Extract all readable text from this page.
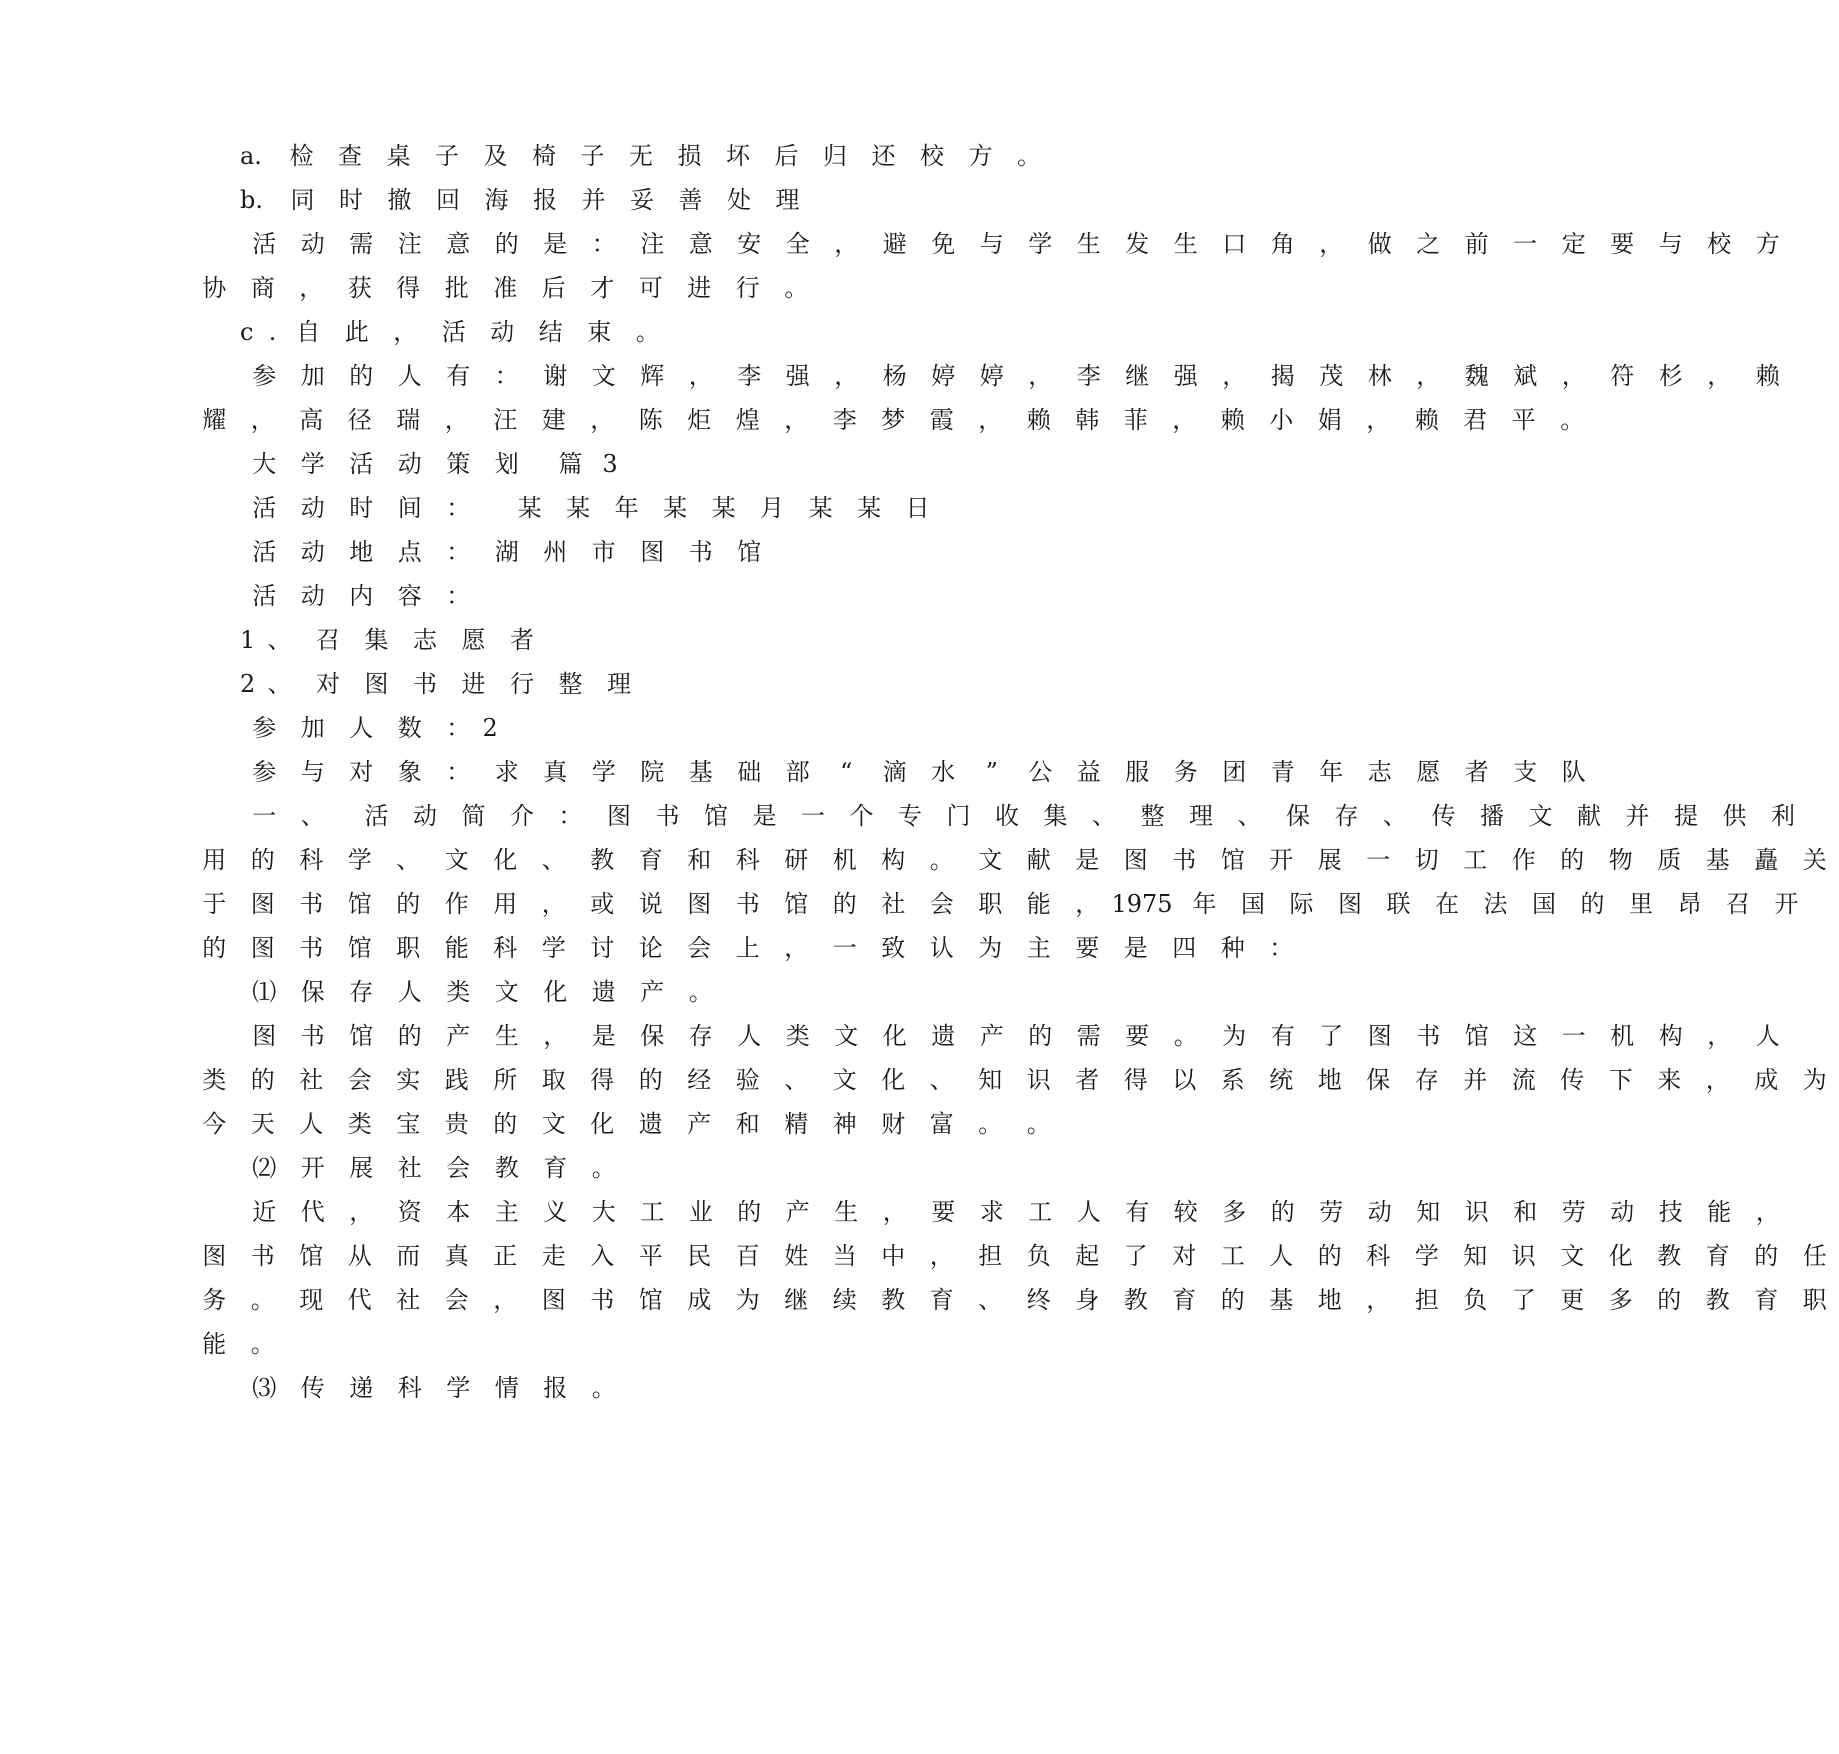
a.  检 查 桌 子 及 椅 子 无 损 坏 后 归 还 校 方 。
b.  同 时 撤 回 海 报 并 妥 善 处 理
活 动 需 注 意 的 是 ： 注 意 安 全 ， 避 免 与 学 生 发 生 口 角 ， 做 之 前 一 定 要 与 校 方
协 商 ， 获 得 批 准 后 才 可 进 行 。
c  . 自 此 ， 活 动 结 束 。
参 加 的 人 有 ： 谢 文 辉 ， 李 强 ， 杨 婷 婷 ， 李 继 强 ， 揭 茂 林 ， 魏 斌 ， 符 杉 ， 赖
耀 ， 高 径 瑞 ， 汪 建 ， 陈 炬 煌 ， 李 梦 霞 ， 赖 韩 菲 ， 赖 小 娟 ， 赖 君 平 。
大 学 活 动 策 划 篇 3
活 动 时 间 ： 某 某 年 某 某 月 某 某 日
活 动 地 点 ： 湖 州 市 图 书 馆
活 动 内 容 ：
1 、 召 集 志 愿 者
2 、 对 图 书 进 行 整 理
参 加 人 数 ： 2
参 与 对 象 ： 求 真 学 院 基 础 部 “ 滴 水 ” 公 益 服 务 团 青 年 志 愿 者 支 队
一 、 活 动 简 介 ： 图 书 馆 是 一 个 专 门 收 集 、 整 理 、 保 存 、 传 播 文 献 并 提 供 利
用 的 科 学 、 文 化 、 教 育 和 科 研 机 构 。 文 献 是 图 书 馆 开 展 一 切 工 作 的 物 质 基 矗 关
于 图 书 馆 的 作 用 ， 或 说 图 书 馆 的 社 会 职 能 ， 1975 年 国 际 图 联 在 法 国 的 里 昂 召 开
的 图 书 馆 职 能 科 学 讨 论 会 上 ， 一 致 认 为 主 要 是 四 种 ：
⑴ 保 存 人 类 文 化 遗 产 。
图 书 馆 的 产 生 ， 是 保 存 人 类 文 化 遗 产 的 需 要 。 为 有 了 图 书 馆 这 一 机 构 ， 人
类 的 社 会 实 践 所 取 得 的 经 验 、 文 化 、 知 识 者 得 以 系 统 地 保 存 并 流 传 下 来 ， 成 为
今 天 人 类 宝 贵 的 文 化 遗 产 和 精 神 财 富 。 。
⑵ 开 展 社 会 教 育 。
近 代 ， 资 本 主 义 大 工 业 的 产 生 ， 要 求 工 人 有 较 多 的 劳 动 知 识 和 劳 动 技 能 ，
图 书 馆 从 而 真 正 走 入 平 民 百 姓 当 中 ， 担 负 起 了 对 工 人 的 科 学 知 识 文 化 教 育 的 任
务 。 现 代 社 会 ， 图 书 馆 成 为 继 续 教 育 、 终 身 教 育 的 基 地 ， 担 负 了 更 多 的 教 育 职
能 。
⑶ 传 递 科 学 情 报 。
